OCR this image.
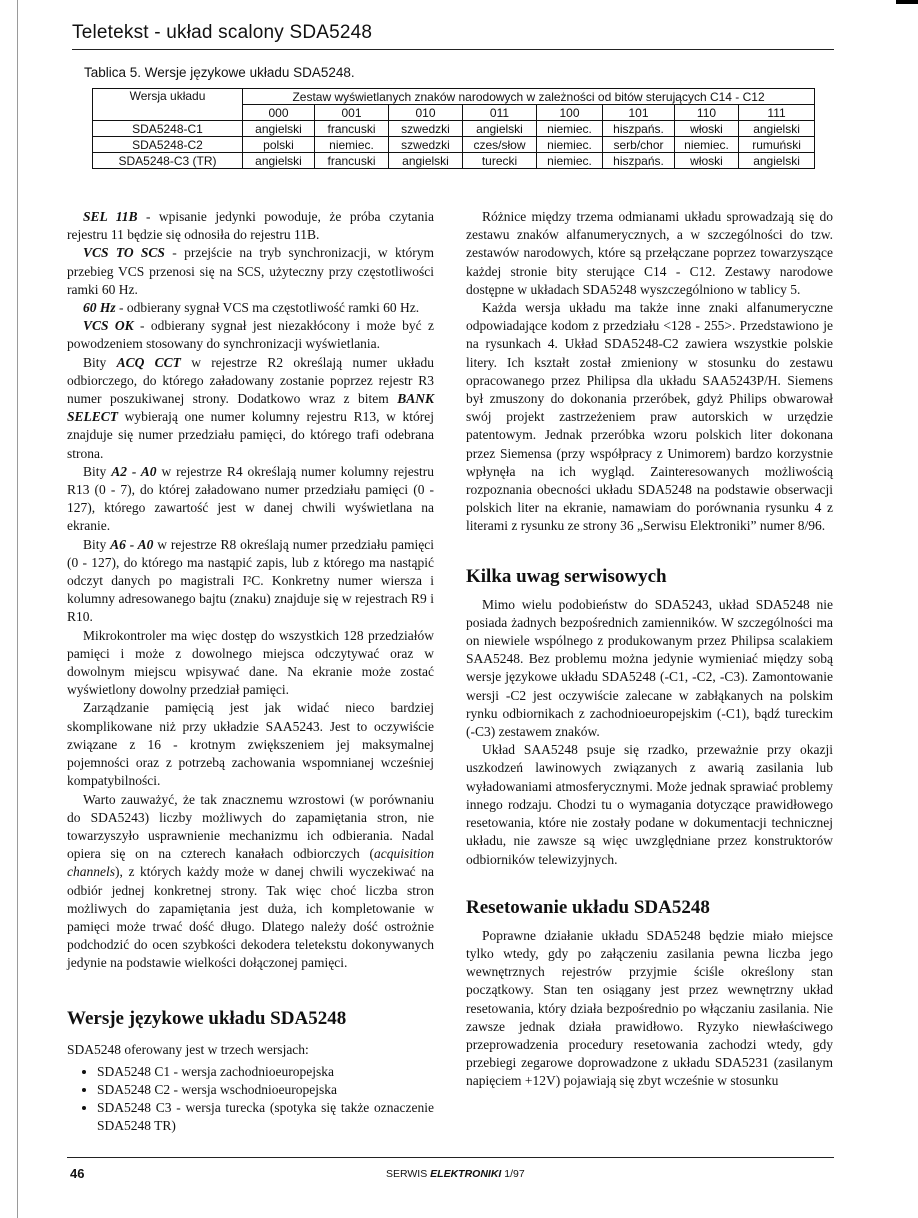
Teletekst - układ scalony SDA5248
Tablica 5. Wersje językowe układu SDA5248.
Wersja układu	Zestaw wyświetlanych znaków narodowych w zależności od bitów sterujących C14 - C12							
	000	001	010	011	100	101	110	111
SDA5248-C1	angielski	francuski	szwedzki	angielski	niemiec.	hiszpańs.	włoski	angielski
SDA5248-C2	polski	niemiec.	szwedzki	czes/słow	niemiec.	serb/chor	niemiec.	rumuński
SDA5248-C3 (TR)	angielski	francuski	angielski	turecki	niemiec.	hiszpańs.	włoski	angielski

SEL 11B - wpisanie jedynki powoduje, że próba czytania rejestru 11 będzie się odnosiła do rejestru 11B.

VCS TO SCS - przejście na tryb synchronizacji, w którym przebieg VCS przenosi się na SCS, użyteczny przy częstotliwości ramki 60 Hz.

60 Hz - odbierany sygnał VCS ma częstotliwość ramki 60 Hz.

VCS OK - odbierany sygnał jest niezakłócony i może być z powodzeniem stosowany do synchronizacji wyświetlania.

Bity ACQ CCT w rejestrze R2 określają numer układu odbiorczego, do którego załadowany zostanie poprzez rejestr R3 numer poszukiwanej strony. Dodatkowo wraz z bitem BANK SELECT wybierają one numer kolumny rejestru R13, w której znajduje się numer przedziału pamięci, do którego trafi odebrana strona.

Bity A2 - A0 w rejestrze R4 określają numer kolumny rejestru R13 (0 - 7), do której załadowano numer przedziału pamięci (0 - 127), którego zawartość jest w danej chwili wyświetlana na ekranie.

Bity A6 - A0 w rejestrze R8 określają numer przedziału pamięci (0 - 127), do którego ma nastąpić zapis, lub z którego ma nastąpić odczyt danych po magistrali I²C. Konkretny numer wiersza i kolumny adresowanego bajtu (znaku) znajduje się w rejestrach R9 i R10.

Mikrokontroler ma więc dostęp do wszystkich 128 przedziałów pamięci i może z dowolnego miejsca odczytywać oraz w dowolnym miejscu wpisywać dane. Na ekranie może zostać wyświetlony dowolny przedział pamięci.

Zarządzanie pamięcią jest jak widać nieco bardziej skomplikowane niż przy układzie SAA5243. Jest to oczywiście związane z 16 - krotnym zwiększeniem jej maksymalnej pojemności oraz z potrzebą zachowania wspomnianej wcześniej kompatybilności.

Warto zauważyć, że tak znacznemu wzrostowi (w porównaniu do SDA5243) liczby możliwych do zapamiętania stron, nie towarzyszyło usprawnienie mechanizmu ich odbierania. Nadal opiera się on na czterech kanałach odbiorczych (acquisition channels), z których każdy może w danej chwili wyczekiwać na odbiór jednej konkretnej strony. Tak więc choć liczba stron możliwych do zapamiętania jest duża, ich kompletowanie w pamięci może trwać dość długo. Dlatego należy dość ostrożnie podchodzić do ocen szybkości dekodera teletekstu dokonywanych jedynie na podstawie wielkości dołączonej pamięci.

Wersje językowe układu SDA5248

SDA5248 oferowany jest w trzech wersjach:

• SDA5248 C1 - wersja zachodnioeuropejska
• SDA5248 C2 - wersja wschodnioeuropejska
• SDA5248 C3 - wersja turecka (spotyka się także oznaczenie SDA5248 TR)

Różnice między trzema odmianami układu sprowadzają się do zestawu znaków alfanumerycznych, a w szczególności do tzw. zestawów narodowych, które są przełączane poprzez towarzyszące każdej stronie bity sterujące C14 - C12. Zestawy narodowe dostępne w układach SDA5248 wyszczególniono w tablicy 5.

Każda wersja układu ma także inne znaki alfanumeryczne odpowiadające kodom z przedziału <128 - 255>. Przedstawiono je na rysunkach 4. Układ SDA5248-C2 zawiera wszystkie polskie litery. Ich kształt został zmieniony w stosunku do zestawu opracowanego przez Philipsa dla układu SAA5243P/H. Siemens był zmuszony do dokonania przeróbek, gdyż Philips obwarował swój projekt zastrzeżeniem praw autorskich w urzędzie patentowym. Jednak przeróbka wzoru polskich liter dokonana przez Siemensa (przy współpracy z Unimorem) bardzo korzystnie wpłynęła na ich wygląd. Zainteresowanych możliwością rozpoznania obecności układu SDA5248 na podstawie obserwacji polskich liter na ekranie, namawiam do porównania rysunku 4 z literami z rysunku ze strony 36 „Serwisu Elektroniki” numer 8/96.

Kilka uwag serwisowych

Mimo wielu podobieństw do SDA5243, układ SDA5248 nie posiada żadnych bezpośrednich zamienników. W szczególności ma on niewiele wspólnego z produkowanym przez Philipsa scalakiem SAA5248. Bez problemu można jedynie wymieniać między sobą wersje językowe układu SDA5248 (-C1, -C2, -C3). Zamontowanie wersji -C2 jest oczywiście zalecane w zabłąkanych na polskim rynku odbiornikach z zachodnioeuropejskim (-C1), bądź tureckim (-C3) zestawem znaków.

Układ SAA5248 psuje się rzadko, przeważnie przy okazji uszkodzeń lawinowych związanych z awarią zasilania lub wyładowaniami atmosferycznymi. Może jednak sprawiać problemy innego rodzaju. Chodzi tu o wymagania dotyczące prawidłowego resetowania, które nie zostały podane w dokumentacji technicznej układu, nie zawsze są więc uwzględniane przez konstruktorów odbiorników telewizyjnych.

Resetowanie układu SDA5248

Poprawne działanie układu SDA5248 będzie miało miejsce tylko wtedy, gdy po załączeniu zasilania pewna liczba jego wewnętrznych rejestrów przyjmie ściśle określony stan początkowy. Stan ten osiągany jest przez wewnętrzny układ resetowania, który działa bezpośrednio po włączaniu zasilania. Nie zawsze jednak działa prawidłowo. Ryzyko niewłaściwego przeprowadzenia procedury resetowania zachodzi wtedy, gdy przebiegi zegarowe doprowadzone z układu SDA5231 (zasilanym napięciem +12V) pojawiają się zbyt wcześnie w stosunku

46	SERWIS ELEKTRONIKI 1/97
